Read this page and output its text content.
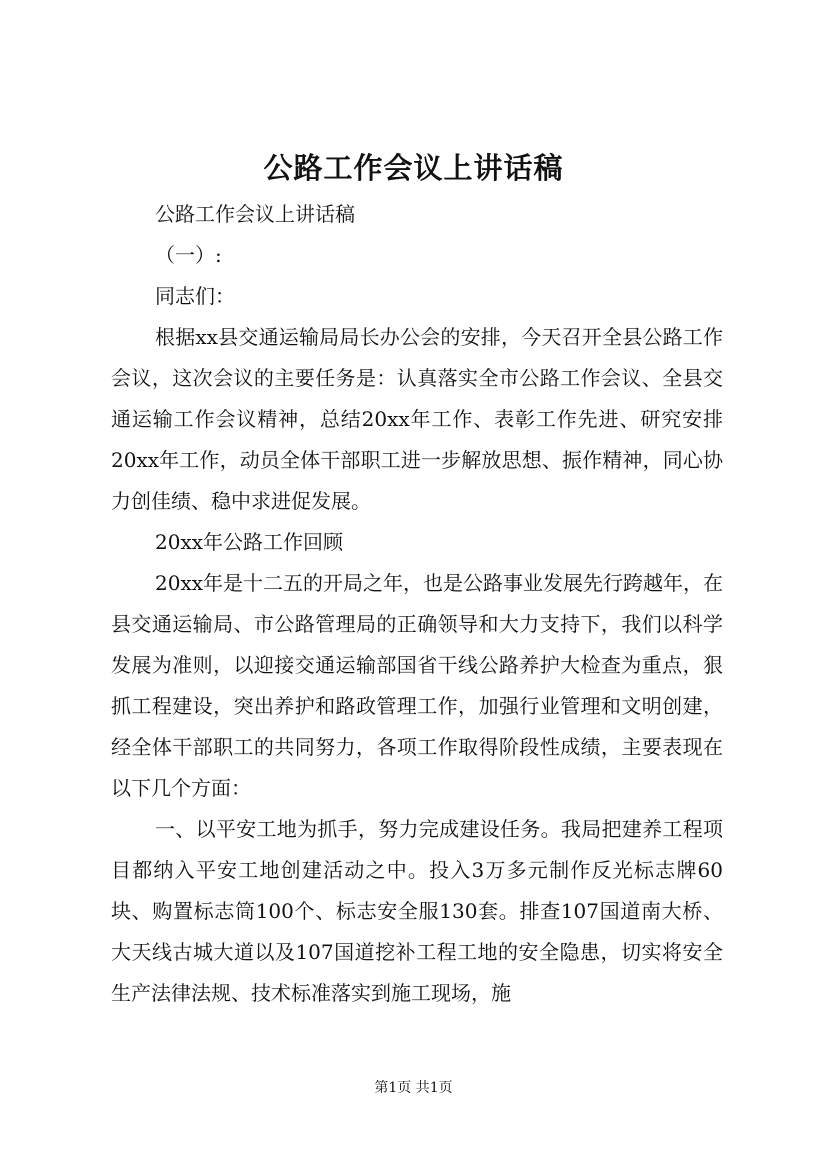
公路工作会议上讲话稿

公路工作会议上讲话稿

（一）:

同志们：

根据xx县交通运输局局长办公会的安排，今天召开全县公路工作会议，这次会议的主要任务是：认真落实全市公路工作会议、全县交通运输工作会议精神，总结20xx年工作、表彰工作先进、研究安排20xx年工作，动员全体干部职工进一步解放思想、振作精神，同心协力创佳绩、稳中求进促发展。

20xx年公路工作回顾

20xx年是十二五的开局之年，也是公路事业发展先行跨越年，在县交通运输局、市公路管理局的正确领导和大力支持下，我们以科学发展为准则，以迎接交通运输部国省干线公路养护大检查为重点，狠抓工程建设，突出养护和路政管理工作，加强行业管理和文明创建，经全体干部职工的共同努力，各项工作取得阶段性成绩，主要表现在以下几个方面：

一、以平安工地为抓手，努力完成建设任务。我局把建养工程项目都纳入平安工地创建活动之中。投入3万多元制作反光标志牌60块、购置标志筒100个、标志安全服130套。排查107国道南大桥、大天线古城大道以及107国道挖补工程工地的安全隐患，切实将安全生产法律法规、技术标准落实到施工现场，施

第1页 共1页
